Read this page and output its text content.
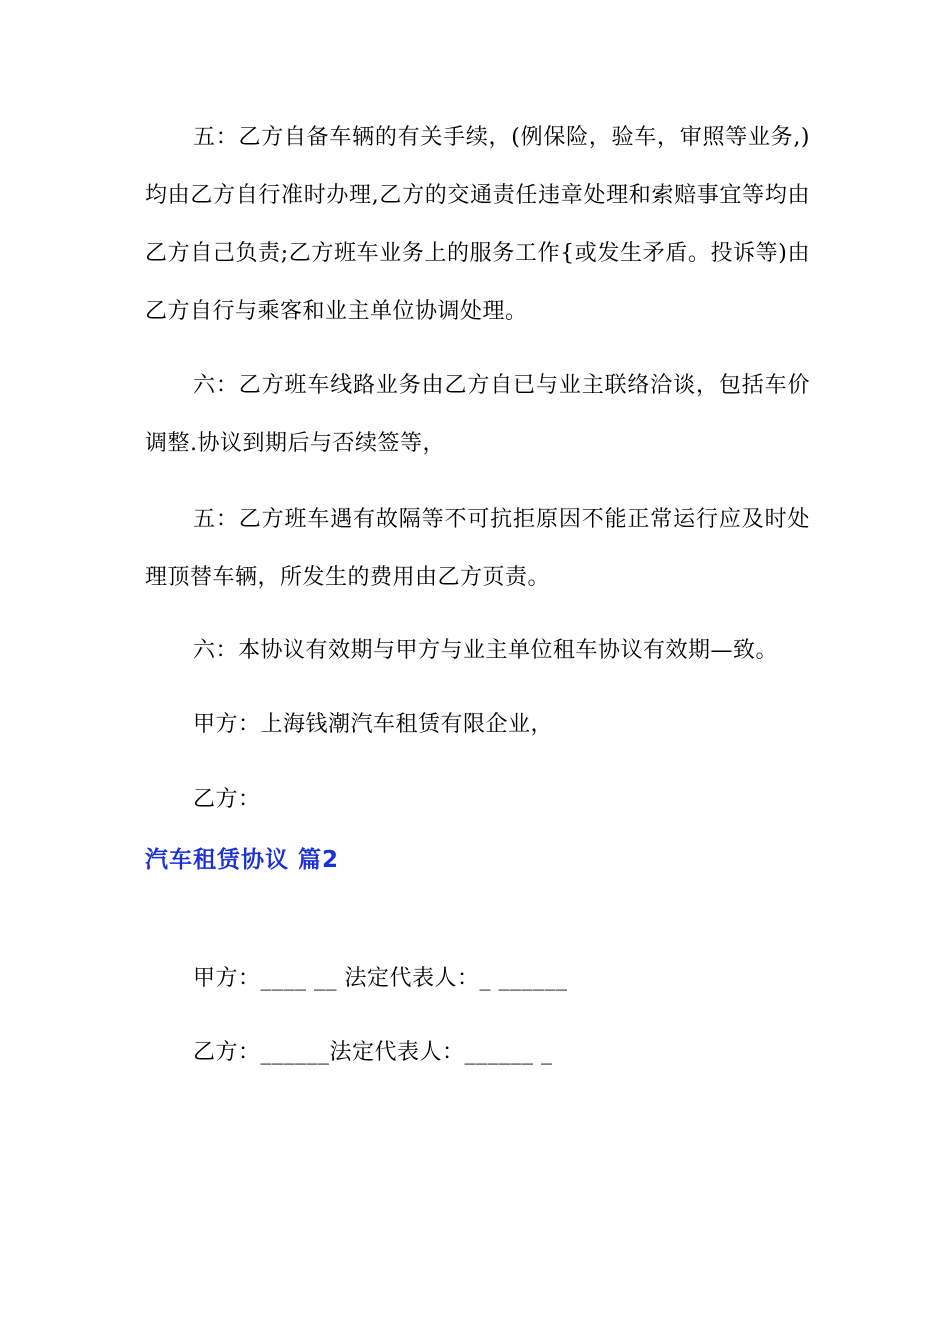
五：乙方自备车辆的有关手续，(例保险，验车，审照等业务,)均由乙方自行准时办理,乙方的交通责任违章处理和索赔事宜等均由乙方自己负责;乙方班车业务上的服务工作{或发生矛盾。投诉等)由乙方自行与乘客和业主单位协调处理。

六：乙方班车线路业务由乙方自已与业主联络洽谈，包括车价调整.协议到期后与否续签等，

五：乙方班车遇有故隔等不可抗拒原因不能正常运行应及时处理顶替车辆，所发生的费用由乙方页责。

六：本协议有效期与甲方与业主单位租车协议有效期—致。

甲方：上海钱潮汽车租赁有限企业，

乙方：

汽车租赁协议 篇2

甲方：____ __ 法定代表人：_ ______

乙方：______法定代表人：______ _
